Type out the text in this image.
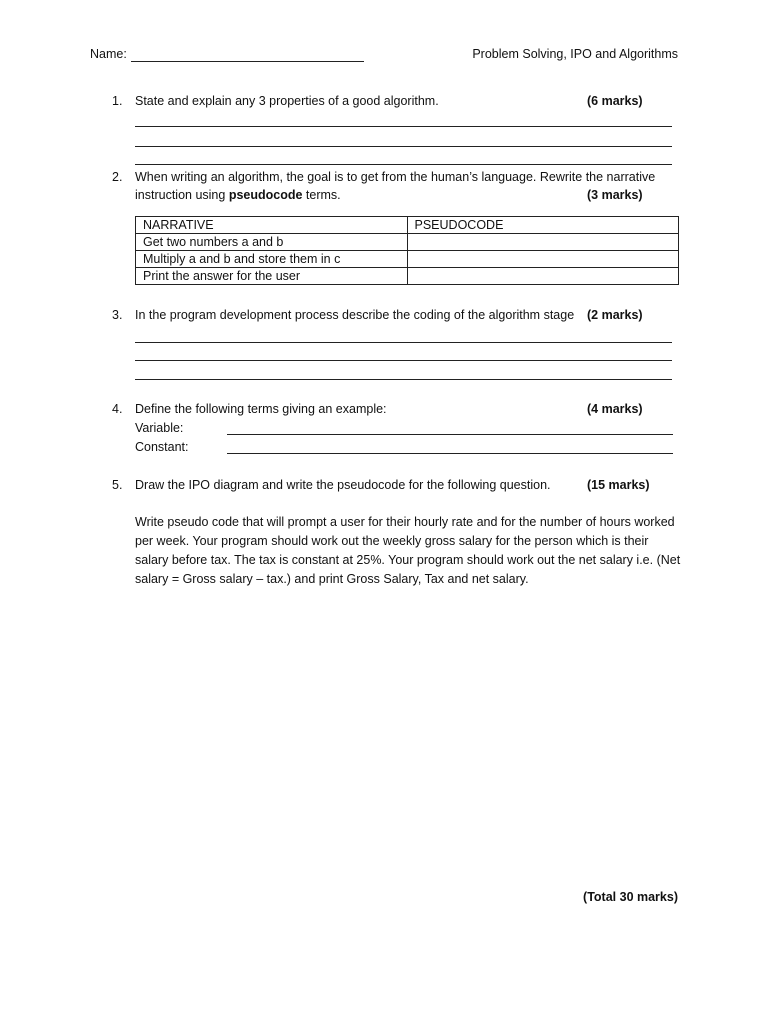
Name:	Problem Solving, IPO and Algorithms
1. State and explain any 3 properties of a good algorithm.	(6 marks)
2. When writing an algorithm, the goal is to get from the human’s language. Rewrite the narrative
instruction using pseudocode terms.	(3 marks)
NARRATIVE	PSEUDOCODE
Get two numbers a and b	
Multiply a and b and store them in c	
Print the answer for the user	
3. In the program development process describe the coding of the algorithm stage (2 marks)
4. Define the following terms giving an example:	(4 marks)
Variable:
Constant:
5. Draw the IPO diagram and write the pseudocode for the following question.	(15 marks)
Write pseudo code that will prompt a user for their hourly rate and for the number of hours worked per week. Your program should work out the weekly gross salary for the person which is their salary before tax. The tax is constant at 25%. Your program should work out the net salary i.e. (Net salary = Gross salary – tax.) and print Gross Salary, Tax and net salary.
(Total 30 marks)
